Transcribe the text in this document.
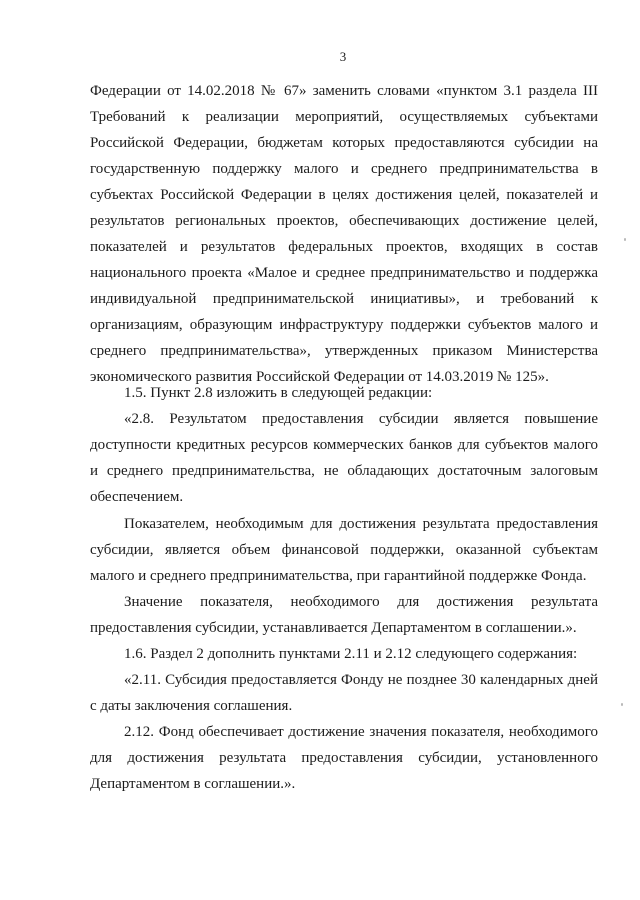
3

Федерации от 14.02.2018 № 67» заменить словами «пунктом 3.1 раздела III Требований к реализации мероприятий, осуществляемых субъектами Российской Федерации, бюджетам которых предоставляются субсидии на государственную поддержку малого и среднего предпринимательства в субъектах Российской Федерации в целях достижения целей, показателей и результатов региональных проектов, обеспечивающих достижение целей, показателей и результатов федеральных проектов, входящих в состав национального проекта «Малое и среднее предпринимательство и поддержка индивидуальной предпринимательской инициативы», и требований к организациям, образующим инфраструктуру поддержки субъектов малого и среднего предпринимательства», утвержденных приказом Министерства экономического развития Российской Федерации от 14.03.2019 № 125».

1.5. Пункт 2.8 изложить в следующей редакции:

«2.8. Результатом предоставления субсидии является повышение доступности кредитных ресурсов коммерческих банков для субъектов малого и среднего предпринимательства, не обладающих достаточным залоговым обеспечением.

Показателем, необходимым для достижения результата предоставления субсидии, является объем финансовой поддержки, оказанной субъектам малого и среднего предпринимательства, при гарантийной поддержке Фонда.

Значение показателя, необходимого для достижения результата предоставления субсидии, устанавливается Департаментом в соглашении.».

1.6. Раздел 2 дополнить пунктами 2.11 и 2.12 следующего содержания:

«2.11. Субсидия предоставляется Фонду не позднее 30 календарных дней с даты заключения соглашения.

2.12. Фонд обеспечивает достижение значения показателя, необходимого для достижения результата предоставления субсидии, установленного Департаментом в соглашении.».
